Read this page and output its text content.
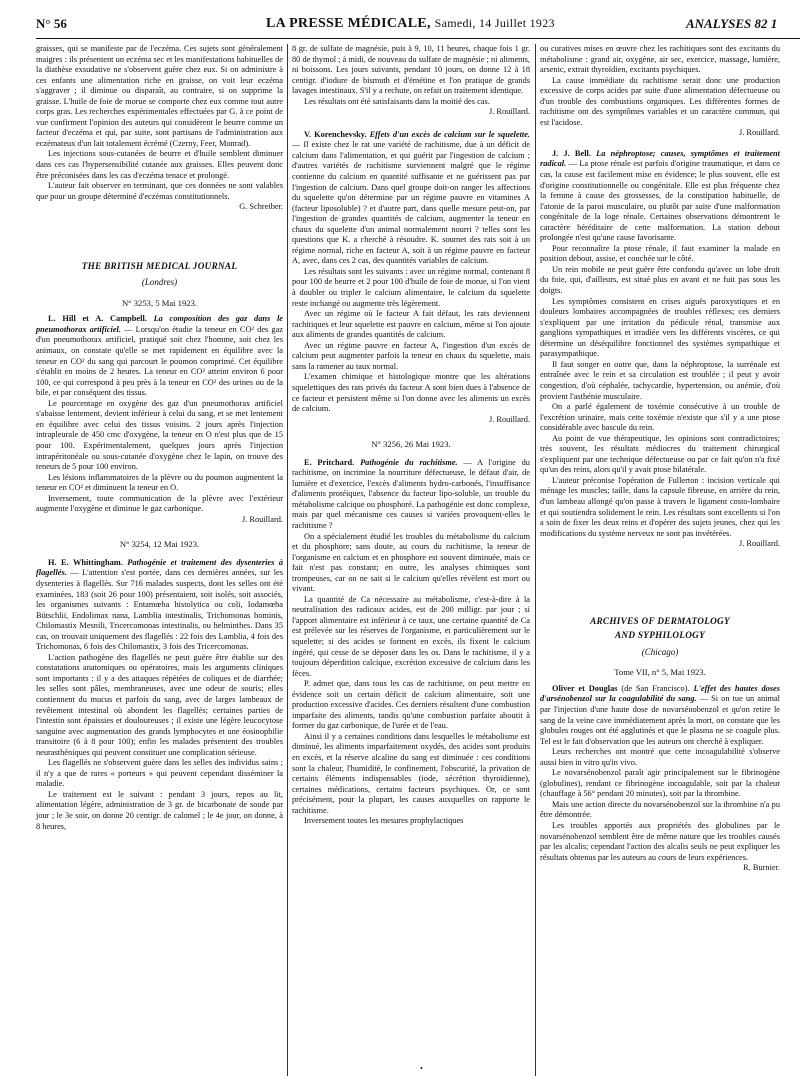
N° 56	LA PRESSE MÉDICALE, Samedi, 14 Juillet 1923	ANALYSES 82 1

graisses, qui se manifeste par de l'eczéma. Ces sujets sont généralement maigres : ils présentent un eczéma sec et les manifestations habituelles de la diathèse exsudative ne s'observent guère chez eux. Si on administre à ces enfants une alimentation riche en graisse, on voit leur eczéma s'aggraver ; il diminue ou disparaît, au contraire, si on supprime la graisse. L'huile de foie de morue se comporte chez eux comme tout autre corps gras. Les recherches expérimentales effectuées par G. à ce point de vue confirment l'opinion des auteurs qui considèrent le beurre comme un facteur d'eczéma et qui, par suite, sont partisans de l'administration aux eczémateux d'un lait totalement écrémé (Czerny, Feer, Monrad).

Les injections sous-cutanées de beurre et d'huile semblent diminuer dans ces cas l'hypersensibilité cutanée aux graisses. Elles peuvent donc être préconisées dans les cas d'eczéma tenace et prolongé.

L'auteur fait observer en terminant, que ces données ne sont valables que pour un groupe déterminé d'eczémas constitutionnels.

G. Schreiber.
THE BRITISH MEDICAL JOURNAL
(Londres)
N° 3253, 5 Mai 1923.

L. Hill et A. Campbell. La composition des gaz dans le pneumothorax artificiel. — Lorsqu'on étudie la teneur en CO² des gaz d'un pneumothorax artificiel, pratiqué soit chez l'homme, soit chez les animaux, on constate qu'elle se met rapidement en équilibre avec la teneur en CO² du sang qui parcourt le poumon comprimé. Cet équilibre s'établit en moins de 2 heures. La teneur en CO² atteint environ 6 pour 100, ce qui correspond à peu près à la teneur en CO² des urines ou de la bile, et par conséquent des tissus.

Le pourcentage en oxygène des gaz d'un pneumothorax artificiel s'abaisse lentement, devient inférieur à celui du sang, et se met lentement en équilibre avec celui des tissus voisins. 2 jours après l'injection intrapleurale de 450 cmc d'oxygène, la teneur en O n'est plus que de 15 pour 100. Expérimentalement, quelques jours après l'injection intrapéritonéale ou sous-cutanée d'oxygène chez le lapin, on trouve des teneurs de 5 pour 100 environ.

Les lésions inflammatoires de la plèvre ou du poumon augmentent la teneur en CO² et diminuent la teneur en O.

Inversement, toute communication de la plèvre avec l'extérieur augmente l'oxygène et diminue le gaz carbonique.

J. Rouillard.
N° 3254, 12 Mai 1923.

H. E. Whittingham. Pathogénie et traitement des dysenteries à flagellés. — L'attention s'est portée, dans ces dernières années, sur les dysenteries à flagellés. Sur 716 malades suspects, dont les selles ont été examinées, 183 (soit 26 pour 100) présentaient, soit isolés, soit associés, les organismes suivants : Entamœba histolytica ou coli, Iodamœba Bütschlii, Endolimax nana, Lamblia intestinalis, Trichomonas hominis, Chilomastix Mesnili, Tricercomonas intestinalis, ou helminthes. Dans 35 cas, on trouvait uniquement des flagellés : 22 fois des Lamblia, 4 fois des Trichomonas, 6 fois des Chilomastix, 3 fois des Tricercomonas.

L'action pathogène des flagellés ne peut guère être établie sur des constatations anatomiques ou opératoires, mais les arguments cliniques sont importants : il y a des attaques répétées de coliques et de diarrhée; les selles sont pâles, membraneuses, avec une odeur de souris; elles contiennent du mucus et parfois du sang, avec de larges lambeaux de revêtement intestinal où abondent les flagellés; certaines parties de l'intestin sont épaissies et douloureuses ; il existe une légère leucocytose sanguine avec augmentation des grands lymphocytes et une éosinophilie transitoire (6 à 8 pour 100); enfin les malades présentent des troubles neurasthéniques qui peuvent constituer une complication sérieuse.

Les flagellés ne s'observent guère dans les selles des individus sains ; il n'y a que de rares « porteurs » qui peuvent cependant disséminer la maladie.

Le traitement est le suivant : pendant 3 jours, repos au lit, alimentation légère, administration de 3 gr. de bicarbonate de soude par jour ; le 3e soir, on donne 20 centigr. de calomel ; le 4e jour, on donne, à 8 heures,

8 gr. de sulfate de magnésie, puis à 9, 10, 11 heures, chaque fois 1 gr. 80 de thymol ; à midi, de nouveau du sulfate de magnésie ; ni aliments, ni boissons. Les jours suivants, pendant 10 jours, on donne 12 à 18 centigr. d'iodure de bismuth et d'émétine et l'on pratique de grands lavages intestinaux. S'il y a rechute, on refait un traitement identique.

Les résultats ont été satisfaisants dans la moitié des cas.

J. Rouillard.

V. Korenchevsky. Effets d'un excès de calcium sur le squelette. — Il existe chez le rat une variété de rachitisme, due à un déficit de calcium dans l'alimentation, et qui guérit par l'ingestion de calcium ; d'autres variétés de rachitisme surviennent malgré que le régime contienne du calcium en quantité suffisante et ne guérissent pas par l'ingestion de calcium. Dans quel groupe doit-on ranger les affections du squelette qu'on détermine par un régime pauvre en vitamines A (facteur liposoluble) ? et d'autre part, dans quelle mesure peut-on, par l'ingestion de grandes quantités de calcium, augmenter la teneur en chaux du squelette d'un animal normalement nourri ? telles sont les questions que K. a cherché à résoudre. K. soumet des rats soit à un régime normal, riche en facteur A, soit à un régime pauvre en facteur A, avec, dans ces 2 cas, des quantités variables de calcium.

Les résultats sont les suivants : avec un régime normal, contenant 8 pour 100 de beurre et 2 pour 100 d'huile de foie de morue, si l'on vient à doubler ou tripler le calcium alimentaire, le calcium du squelette reste inchangé ou augmente très légèrement.

Avec un régime où le facteur A fait défaut, les rats deviennent rachitiques et leur squelette est pauvre en calcium, même si l'on ajoute aux aliments de grandes quantités de calcium.

Avec un régime pauvre en facteur A, l'ingestion d'un excès de calcium peut augmenter parfois la teneur en chaux du squelette, mais sans la ramener au taux normal.

L'examen chimique et histologique montre que les altérations squelettiques des rats privés du facteur A sont bien dues à l'absence de ce facteur et persistent même si l'on donne avec les aliments un excès de calcium.

J. Rouillard.
N° 3256, 26 Mai 1923.

E. Pritchard. Pathogénie du rachitisme. — A l'origine du rachitisme, on incrimine la nourriture défectueuse, le défaut d'air, de lumière et d'exercice, l'excès d'aliments hydro-carbonés, l'insuffisance d'aliments protéiques, l'absence du facteur lipo-soluble, un trouble du métabolisme calcique ou phosphoré. La pathogénie est donc complexe, mais par quel mécanisme ces causes si variées provoquent-elles le rachitisme ?

On a spécialement étudié les troubles du métabolisme du calcium et du phosphore; sans doute, au cours du rachitisme, la teneur de l'organisme en calcium et en phosphore est souvent diminuée, mais ce fait n'est pas constant; en outre, les analyses chimiques sont trompeuses, car on ne sait si le calcium qu'elles révèlent est mort ou vivant.

La quantité de Ca nécessaire au métabolisme, c'est-à-dire à la neutralisation des radicaux acides, est de 200 milligr. par jour ; si l'apport alimentaire est inférieur à ce taux, une certaine quantité de Ca est prélevée sur les réserves de l'organisme, et particulièrement sur le squelette; si des acides se forment en excès, ils fixent le calcium ingéré, qui cesse de se déposer dans les os. Dans le rachitisme, il y a toujours déperdition calcique, excrétion excessive de calcium dans les fèces.

P. admet que, dans tous les cas de rachitisme, on peut mettre en évidence soit un certain déficit de calcium alimentaire, soit une production excessive d'acides. Ces derniers résultent d'une combustion imparfaite des aliments, tandis qu'une combustion parfaite aboutit à former du gaz carbonique, de l'urée et de l'eau.

Ainsi il y a certaines conditions dans lesquelles le métabolisme est diminué, les aliments imparfaitement oxydés, des acides sont produits en excès, et la réserve alcaline du sang est diminuée : ces conditions sont la chaleur, l'humidité, le confinement, l'obscurité, la privation de certains éléments indispensables (iode, sécrétion thyroïdienne), certaines médications, certains facteurs psychiques. Or, ce sont précisément, pour la plupart, les causes auxquelles on rapporte le rachitisme.

Inversement toutes les mesures prophylactiques

ou curatives mises en œuvre chez les rachitiques sont des excitants du métabolisme : grand air, oxygène, air sec, exercice, massage, lumière, arsenic, extrait thyroïdien, excitants psychiques.

La cause immédiate du rachitisme serait donc une production excessive de corps acides par suite d'une alimentation défectueuse ou d'un trouble des combustions organiques. Les différentes formes de rachitisme ont des symptômes variables et un caractère commun, qui est l'acidose.

J. Rouillard.

J. J. Bell. La néphroptose; causes, symptômes et traitement radical. — La ptose rénale est parfois d'origine traumatique, et dans ce cas, la cause est facilement mise en évidence; le plus souvent, elle est d'origine constitutionnelle ou congénitale. Elle est plus fréquente chez la femme à cause des grossesses, de la constipation habituelle, de l'atonie de la paroi musculaire, ou plutôt par suite d'une malformation congénitale de la loge rénale. Certaines observations démontrent le caractère héréditaire de cette malformation. La station debout prolongée n'est qu'une cause favorisante.

Pour reconnaître la ptose rénale, il faut examiner la malade en position debout, assise, et couchée sur le côté.

Un rein mobile ne peut guère être confondu qu'avec un lobe droit du foie, qui, d'ailleurs, est situé plus en avant et ne fuit pas sous les doigts.

Les symptômes consistent en crises aiguës paroxystiques et en douleurs lombaires accompagnées de troubles réflexes; ces derniers s'expliquent par une irritation du pédicule rénal, transmise aux ganglions sympathiques et irradiée vers les différents viscères, ce qui détermine un déséquilibre fonctionnel des systèmes sympathique et parasympathique.

Il faut songer en outre que, dans la néphroptose, la surrénale est entraînée avec le rein et sa circulation est troublée ; il peut y avoir congestion, d'où céphalée, tachycardie, hypertension, ou anémie, d'où provient l'asthénie musculaire.

On a parlé également de toxémie consécutive à un trouble de l'excrétion urinaire, mais cette toxémie n'existe que s'il y a une ptose considérable avec bascule du rein.

Au point de vue thérapeutique, les opinions sont contradictoires; très souvent, les résultats médiocres du traitement chirurgical s'expliquent par une technique défectueuse ou par ce fait qu'on n'a fixé qu'un des reins, alors qu'il y avait ptose bilatérale.

L'auteur préconise l'opération de Fullerton : incision verticale qui ménage les muscles; taille, dans la capsule fibreuse, en arrière du rein, d'un lambeau allongé qu'on passe à travers le ligament costo-lombaire et qui soutiendra solidement le rein. Les résultats sont excellents si l'on a soin de fixer les deux reins et d'opérer des sujets jeunes, chez qui les modifications du système nerveux ne sont pas invétérées.

J. Rouillard.
ARCHIVES OF DERMATOLOGY
AND SYPHILOLOGY
(Chicago)
Tome VII, n° 5, Mai 1923.

Oliver et Douglas (de San Francisco). L'effet des hautes doses d'arsénobenzol sur la coagulabilité du sang. — Si on tue un animal par l'injection d'une haute dose de novarsénobenzol et qu'on retire le sang de la veine cave immédiatement après la mort, on constate que les globules rouges ont été agglutinés et que le plasma ne se coagule plus. Tel est le fait d'observation que les auteurs ont cherché à expliquer.

Leurs recherches ont montré que cette incoagulabilité s'observe aussi bien in vitro qu'in vivo.

Le novarsénobenzol paraît agir principalement sur le fibrinogène (globulines), rendant ce fibrinogène incoagulable, soit par la chaleur (chauffage à 56° pendant 20 minutes), soit par la thrombine.

Mais une action directe du novarsénobenzol sur la thrombine n'a pu être démontrée.

Les troubles apportés aux propriétés des globulines par le novarsénobenzol semblent être de même nature que les troubles causés par les alcalis; cependant l'action des alcalis seuls ne peut expliquer les résultats obtenus par les auteurs au cours de leurs expériences.

R. Burnier.
•
